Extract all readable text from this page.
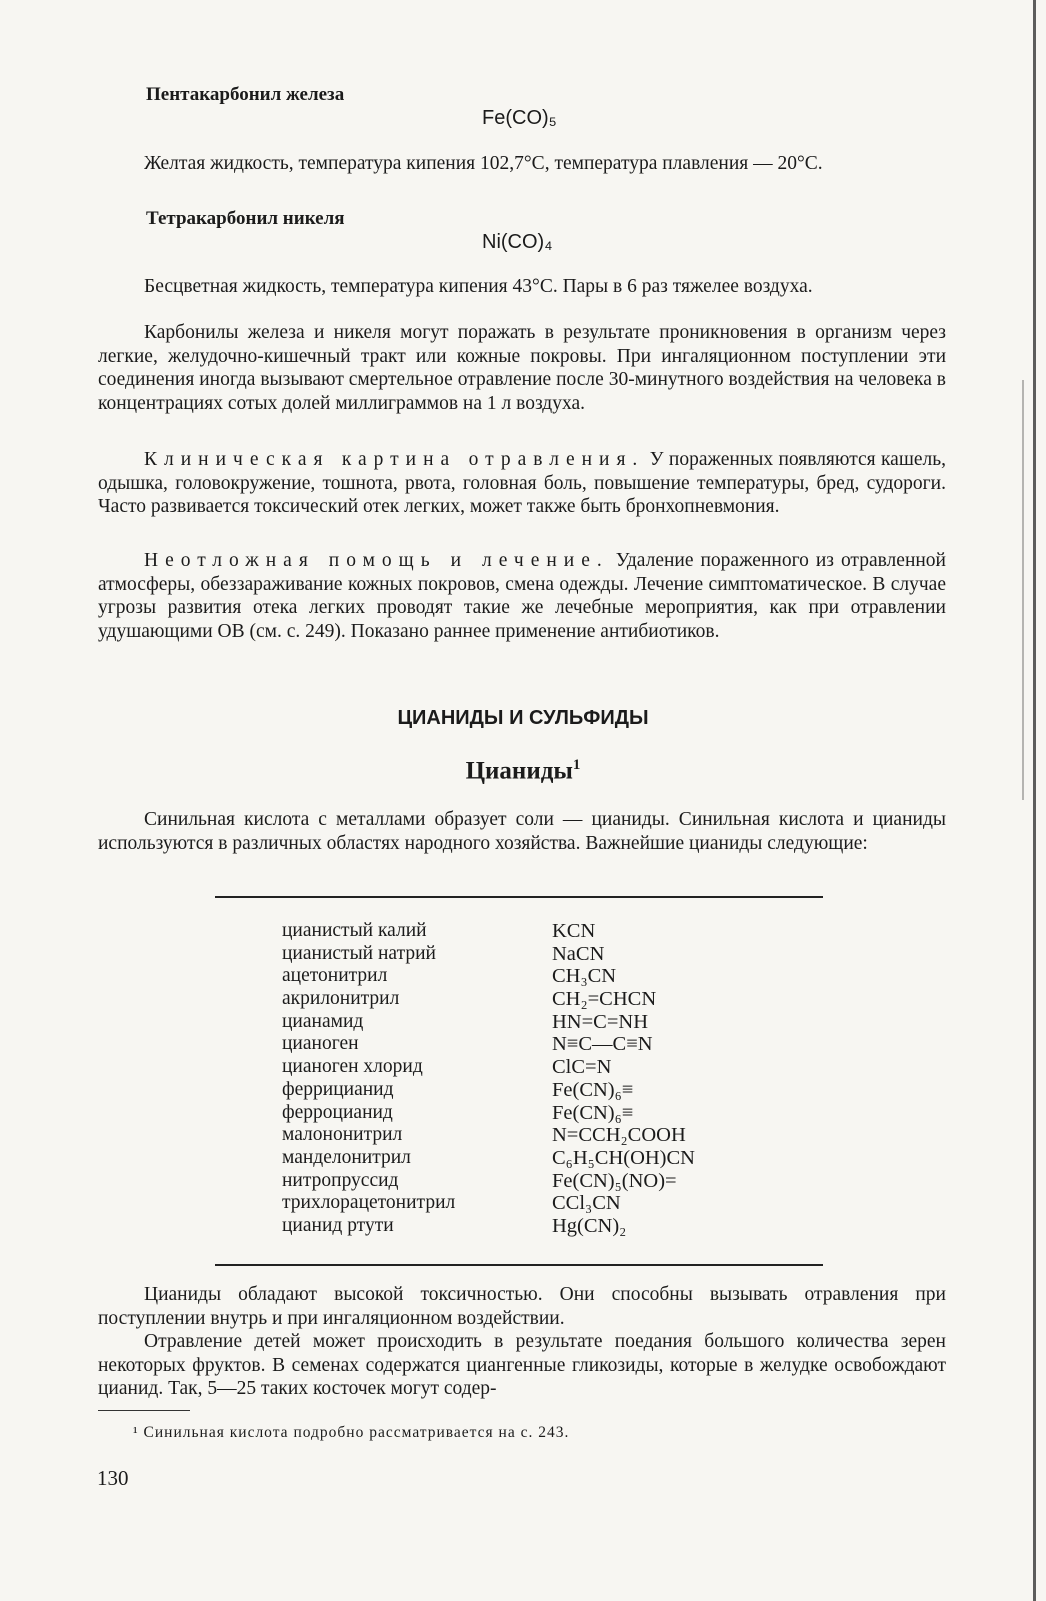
Пентакарбонил железа
Fe(CO)₅

Желтая жидкость, температура кипения 102,7°C, температура плавления — 20°C.

Тетракарбонил никеля
Ni(CO)₄

Бесцветная жидкость, температура кипения 43°C. Пары в 6 раз тяжелее воздуха.

Карбонилы железа и никеля могут поражать в результате проникновения в организм через легкие, желудочно-кишечный тракт или кожные покровы. При ингаляционном поступлении эти соединения иногда вызывают смертельное отравление после 30-минутного воздействия на человека в концентрациях сотых долей миллиграммов на 1 л воздуха.

Клиническая картина отравления. У пораженных появляются кашель, одышка, головокружение, тошнота, рвота, головная боль, повышение температуры, бред, судороги. Часто развивается токсический отек легких, может также быть бронхопневмония.

Неотложная помощь и лечение. Удаление пораженного из отравленной атмосферы, обеззараживание кожных покровов, смена одежды. Лечение симптоматическое. В случае угрозы развития отека легких проводят такие же лечебные мероприятия, как при отравлении удушающими ОВ (см. с. 249). Показано раннее применение антибиотиков.

ЦИАНИДЫ И СУЛЬФИДЫ
Цианиды$^1$

Синильная кислота с металлами образует соли — цианиды. Синильная кислота и цианиды используются в различных областях народного хозяйства. Важнейшие цианиды следующие:

цианистый калий	KCN
цианистый натрий	NaCN
ацетонитрил	CH₃CN
акрилонитрил	CH₂=CHCN
цианамид	HN=C=NH
цианоген	N≡C—C≡N
цианоген хлорид	ClC=N
феррицианид	Fe(CN)₆≡
ферроцианид	Fe(CN)₆≡
малононитрил	N=CCH₂COOH
манделонитрил	C₆H₅CH(OH)CN
нитропруссид	Fe(CN)₅(NO)=
трихлорацетонитрил	CCl₃CN
цианид ртути	Hg(CN)₂

Цианиды обладают высокой токсичностью. Они способны вызывать отравления при поступлении внутрь и при ингаляционном воздействии.

Отравление детей может происходить в результате поедания большого количества зерен некоторых фруктов. В семенах содержатся циангенные гликозиды, которые в желудке освобождают цианид. Так, 5—25 таких косточек могут содер-

¹ Синильная кислота подробно рассматривается на с. 243.
130
